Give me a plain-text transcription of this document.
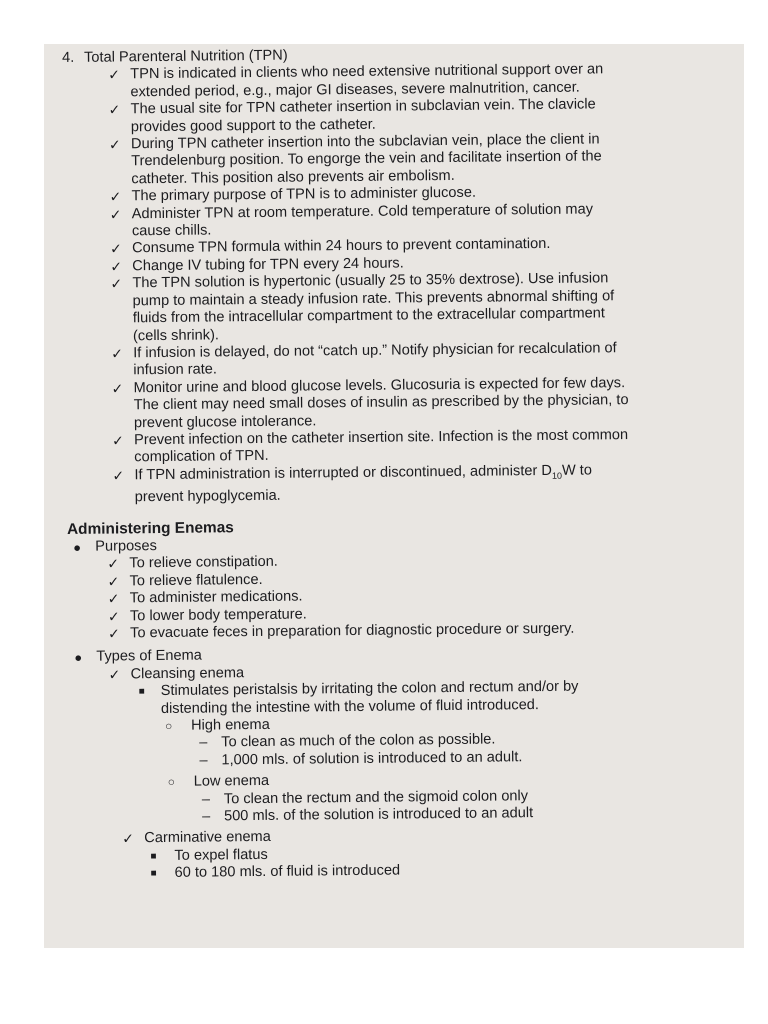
4. Total Parenteral Nutrition (TPN)
✓ TPN is indicated in clients who need extensive nutritional support over an
extended period, e.g., major GI diseases, severe malnutrition, cancer.
✓ The usual site for TPN catheter insertion in subclavian vein. The clavicle
provides good support to the catheter.
✓ During TPN catheter insertion into the subclavian vein, place the client in
Trendelenburg position. To engorge the vein and facilitate insertion of the
catheter. This position also prevents air embolism.
✓ The primary purpose of TPN is to administer glucose.
✓ Administer TPN at room temperature. Cold temperature of solution may
cause chills.
✓ Consume TPN formula within 24 hours to prevent contamination.
✓ Change IV tubing for TPN every 24 hours.
✓ The TPN solution is hypertonic (usually 25 to 35% dextrose). Use infusion
pump to maintain a steady infusion rate. This prevents abnormal shifting of
fluids from the intracellular compartment to the extracellular compartment
(cells shrink).
✓ If infusion is delayed, do not “catch up.” Notify physician for recalculation of
infusion rate.
✓ Monitor urine and blood glucose levels. Glucosuria is expected for few days.
The client may need small doses of insulin as prescribed by the physician, to
prevent glucose intolerance.
✓ Prevent infection on the catheter insertion site. Infection is the most common
complication of TPN.
✓ If TPN administration is interrupted or discontinued, administer $D_{10}W$ to
prevent hypoglycemia.
Administering Enemas
● Purposes
✓ To relieve constipation.
✓ To relieve flatulence.
✓ To administer medications.
✓ To lower body temperature.
✓ To evacuate feces in preparation for diagnostic procedure or surgery.
● Types of Enema
✓ Cleansing enema
■ Stimulates peristalsis by irritating the colon and rectum and/or by
distending the intestine with the volume of fluid introduced.
○ High enema
– To clean as much of the colon as possible.
– 1,000 mls. of solution is introduced to an adult.
○ Low enema
– To clean the rectum and the sigmoid colon only
– 500 mls. of the solution is introduced to an adult
✓ Carminative enema
■ To expel flatus
■ 60 to 180 mls. of fluid is introduced
